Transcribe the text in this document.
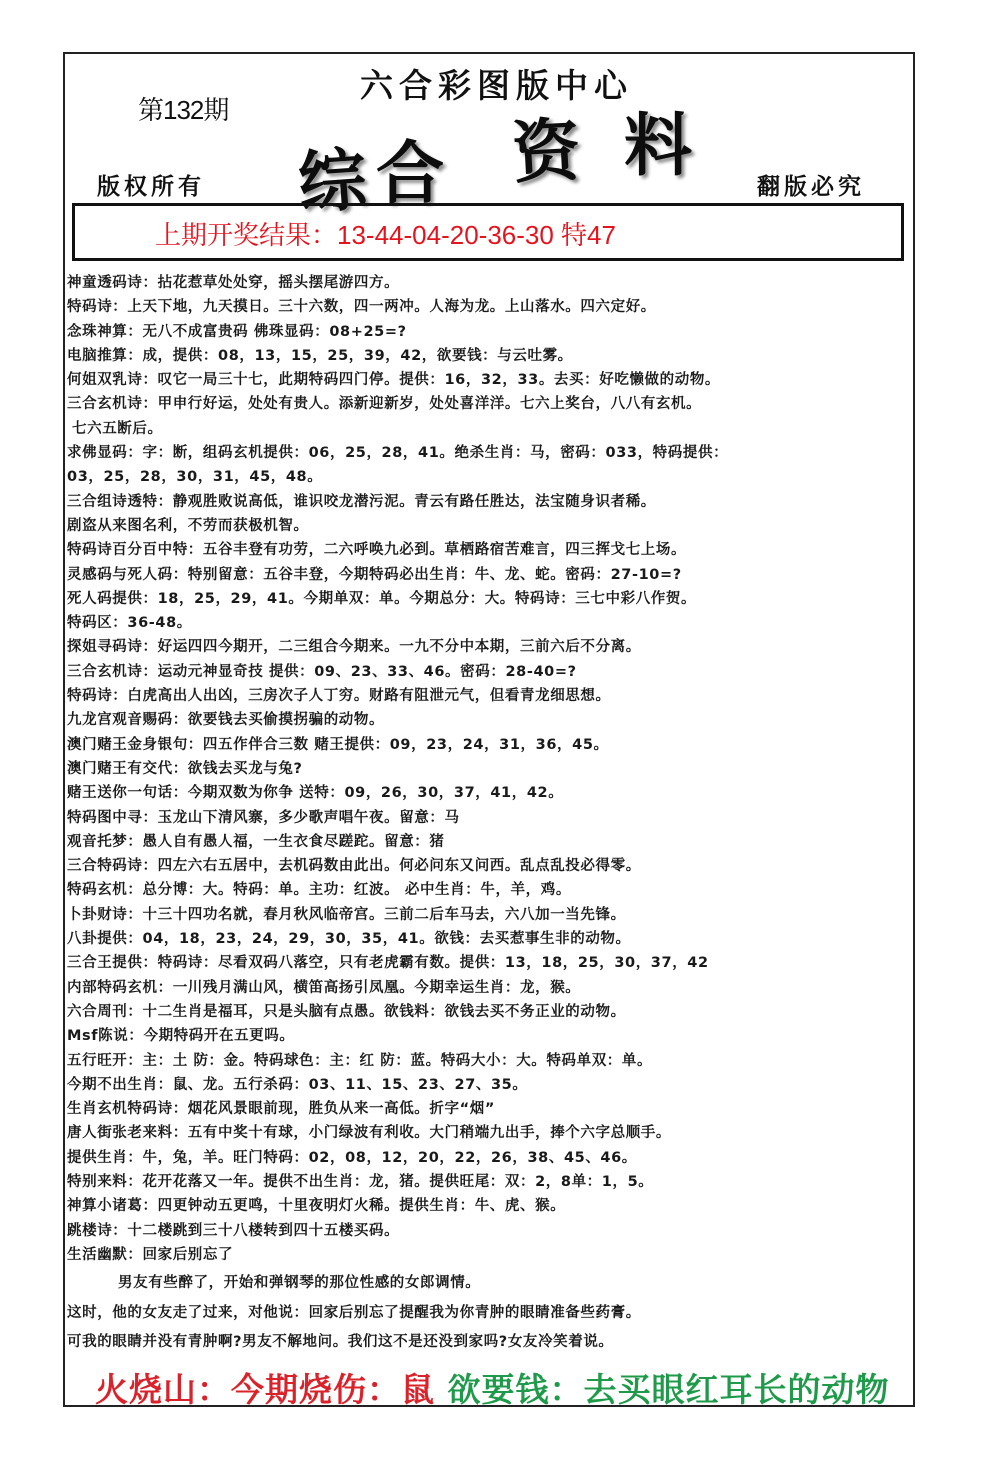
第132期
六合彩图版中心
版权所有	翻版必究
综 合 资 料
上期开奖结果：13-44-04-20-36-30 特47
神童透码诗：拈花惹草处处穿，摇头摆尾游四方。
特码诗：上天下地，九天摸日。三十六数，四一两冲。人海为龙。上山落水。四六定好。
念珠神算：无八不成富贵码 佛珠显码：08+25=?
电脑推算：成，提供：08，13，15，25，39，42，欲要钱：与云吐雾。
何姐双乳诗：叹它一局三十七，此期特码四门停。提供：16，32，33。去买：好吃懒做的动物。
三合玄机诗：甲申行好运，处处有贵人。添新迎新岁，处处喜洋洋。七六上奖台，八八有玄机。
七六五断后。
求佛显码：字：断，组码玄机提供：06，25，28，41。绝杀生肖：马，密码：033，特码提供：
03，25，28，30，31，45，48。
三合组诗透特：静观胜败说高低，谁识咬龙潜污泥。青云有路任胜达，法宝随身识者稀。
剧盗从来图名利，不劳而获极机智。
特码诗百分百中特：五谷丰登有功劳，二六呼唤九必到。草栖路宿苦难言，四三挥戈七上场。
灵感码与死人码：特别留意：五谷丰登，今期特码必出生肖：牛、龙、蛇。密码：27-10=?
死人码提供：18，25，29，41。今期单双：单。今期总分：大。特码诗：三七中彩八作贺。
特码区：36-48。
探姐寻码诗：好运四四今期开，二三组合今期来。一九不分中本期，三前六后不分离。
三合玄机诗：运动元神显奇技 提供：09、23、33、46。密码：28-40=?
特码诗：白虎高出人出凶，三房次子人丁穷。财路有阻泄元气，但看青龙细思想。
九龙宫观音赐码：欲要钱去买偷摸拐骗的动物。
澳门赌王金身银句：四五作伴合三数 赌王提供：09，23，24，31，36，45。
澳门赌王有交代：欲钱去买龙与兔?
赌王送你一句话：今期双数为你争 送特：09，26，30，37，41，42。
特码图中寻：玉龙山下清风寨，多少歌声唱午夜。留意：马
观音托梦：愚人自有愚人福，一生衣食尽蹉跎。留意：猪
三合特码诗：四左六右五居中，去机码数由此出。何必问东又问西。乱点乱投必得零。
特码玄机：总分博：大。特码：单。主功：红波。 必中生肖：牛，羊，鸡。
卜卦财诗：十三十四功名就，春月秋风临帝宫。三前二后车马去，六八加一当先锋。
八卦提供：04，18，23，24，29，30，35，41。欲钱：去买惹事生非的动物。
三合王提供：特码诗：尽看双码八落空，只有老虎霸有数。提供：13，18，25，30，37，42
内部特码玄机：一川残月满山风，横笛高扬引凤凰。今期幸运生肖：龙，猴。
六合周刊：十二生肖是福耳，只是头脑有点愚。欲钱料：欲钱去买不务正业的动物。
Msf陈说：今期特码开在五更吗。
五行旺开：主：土 防：金。特码球色：主：红 防：蓝。特码大小：大。特码单双：单。
今期不出生肖：鼠、龙。五行杀码：03、11、15、23、27、35。
生肖玄机特码诗：烟花风景眼前现，胜负从来一高低。折字“烟”
唐人街张老来料：五有中奖十有球，小门绿波有利收。大门稍端九出手，捧个六字总顺手。
提供生肖：牛，兔，羊。旺门特码：02，08，12，20，22，26，38、45、46。
特别来料：花开花落又一年。提供不出生肖：龙，猪。提供旺尾：双：2，8单：1，5。
神算小诸葛：四更钟动五更鸣，十里夜明灯火稀。提供生肖：牛、虎、猴。
跳楼诗：十二楼跳到三十八楼转到四十五楼买码。
生活幽默：回家后别忘了
男友有些醉了，开始和弹钢琴的那位性感的女郎调情。
这时，他的女友走了过来，对他说：回家后别忘了提醒我为你青肿的眼睛准备些药膏。
可我的眼睛并没有青肿啊?男友不解地问。我们这不是还没到家吗?女友冷笑着说。
火烧山：今期烧伤：鼠 欲要钱：去买眼红耳长的动物
